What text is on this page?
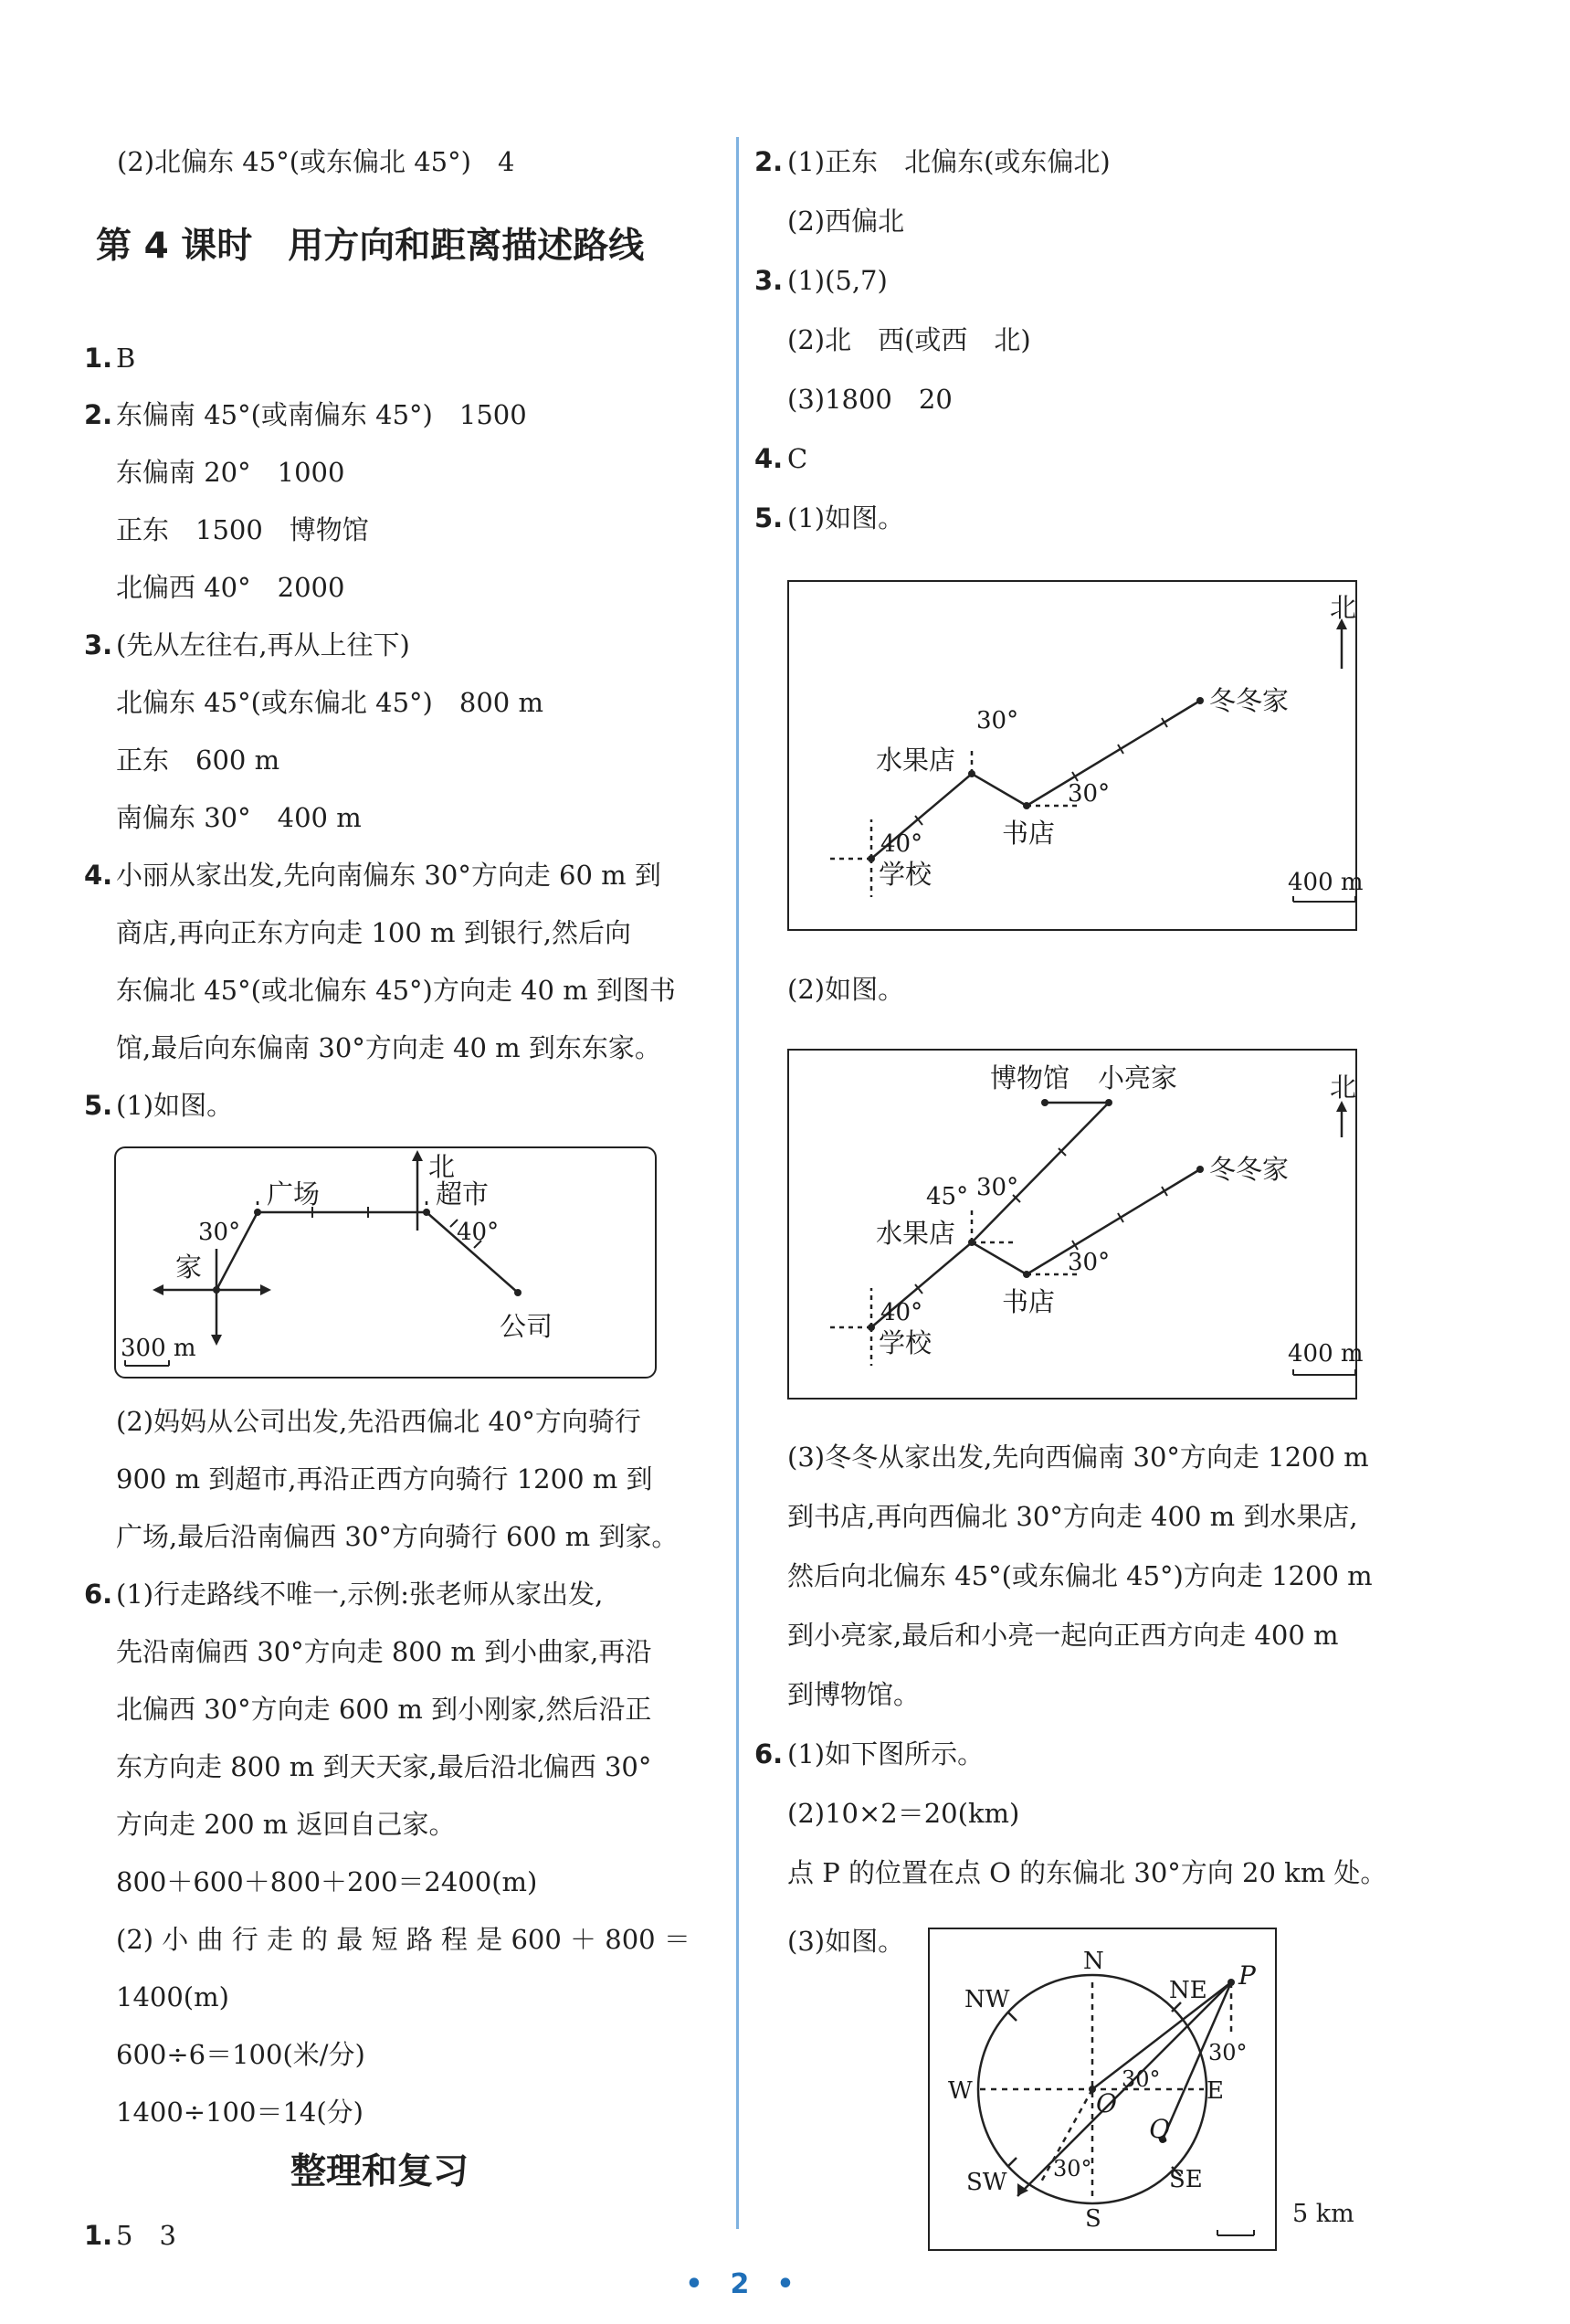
(2)北偏东 45°(或东偏北 45°)　4
第 4 课时　用方向和距离描述路线
1. B
2. 东偏南 45°(或南偏东 45°)　1500
东偏南 20°　1000
正东　1500　博物馆
北偏西 40°　2000
3. (先从左往右,再从上往下)
北偏东 45°(或东偏北 45°)　800 m
正东　600 m
南偏东 30°　400 m
4. 小丽从家出发,先向南偏东 30°方向走 60 m 到
商店,再向正东方向走 100 m 到银行,然后向
东偏北 45°(或北偏东 45°)方向走 40 m 到图书
馆,最后向东偏南 30°方向走 40 m 到东东家。
5. (1)如图。
北
广场	超市
家
公司
30°	40°
300 m
(2)妈妈从公司出发,先沿西偏北 40°方向骑行
900 m 到超市,再沿正西方向骑行 1200 m 到
广场,最后沿南偏西 30°方向骑行 600 m 到家。
6. (1)行走路线不唯一,示例:张老师从家出发,
先沿南偏西 30°方向走 800 m 到小曲家,再沿
北偏西 30°方向走 600 m 到小刚家,然后沿正
东方向走 800 m 到天天家,最后沿北偏西 30°
方向走 200 m 返回自己家。
800＋600＋800＋200＝2400(m)
(2) 小 曲 行 走 的 最 短 路 程 是 600 ＋ 800 ＝
1400(m)
600÷6＝100(米/分)
1400÷100＝14(分)
整理和复习
1. 5　3
2. (1)正东　北偏东(或东偏北)
(2)西偏北
3. (1)(5,7)
(2)北　西(或西　北)
(3)1800　20
4. C
5. (1)如图。
北
冬冬家
水果店
书店
学校
30°
30°
40°
400 m
(2)如图。
北
博物馆 小亮家
冬冬家
水果店
书店
学校
45° 30°
30°
40°
400 m
(3)冬冬从家出发,先向西偏南 30°方向走 1200 m
到书店,再向西偏北 30°方向走 400 m 到水果店,
然后向北偏东 45°(或东偏北 45°)方向走 1200 m
到小亮家,最后和小亮一起向正西方向走 400 m
到博物馆。
6. (1)如下图所示。
(2)10×2＝20(km)
点 P 的位置在点 O 的东偏北 30°方向 20 km 处。
(3)如图。
N
S
E
W
NE
NW
SE
SW
P
O
Q
30°
30°
30°
5 km
•　2　•
